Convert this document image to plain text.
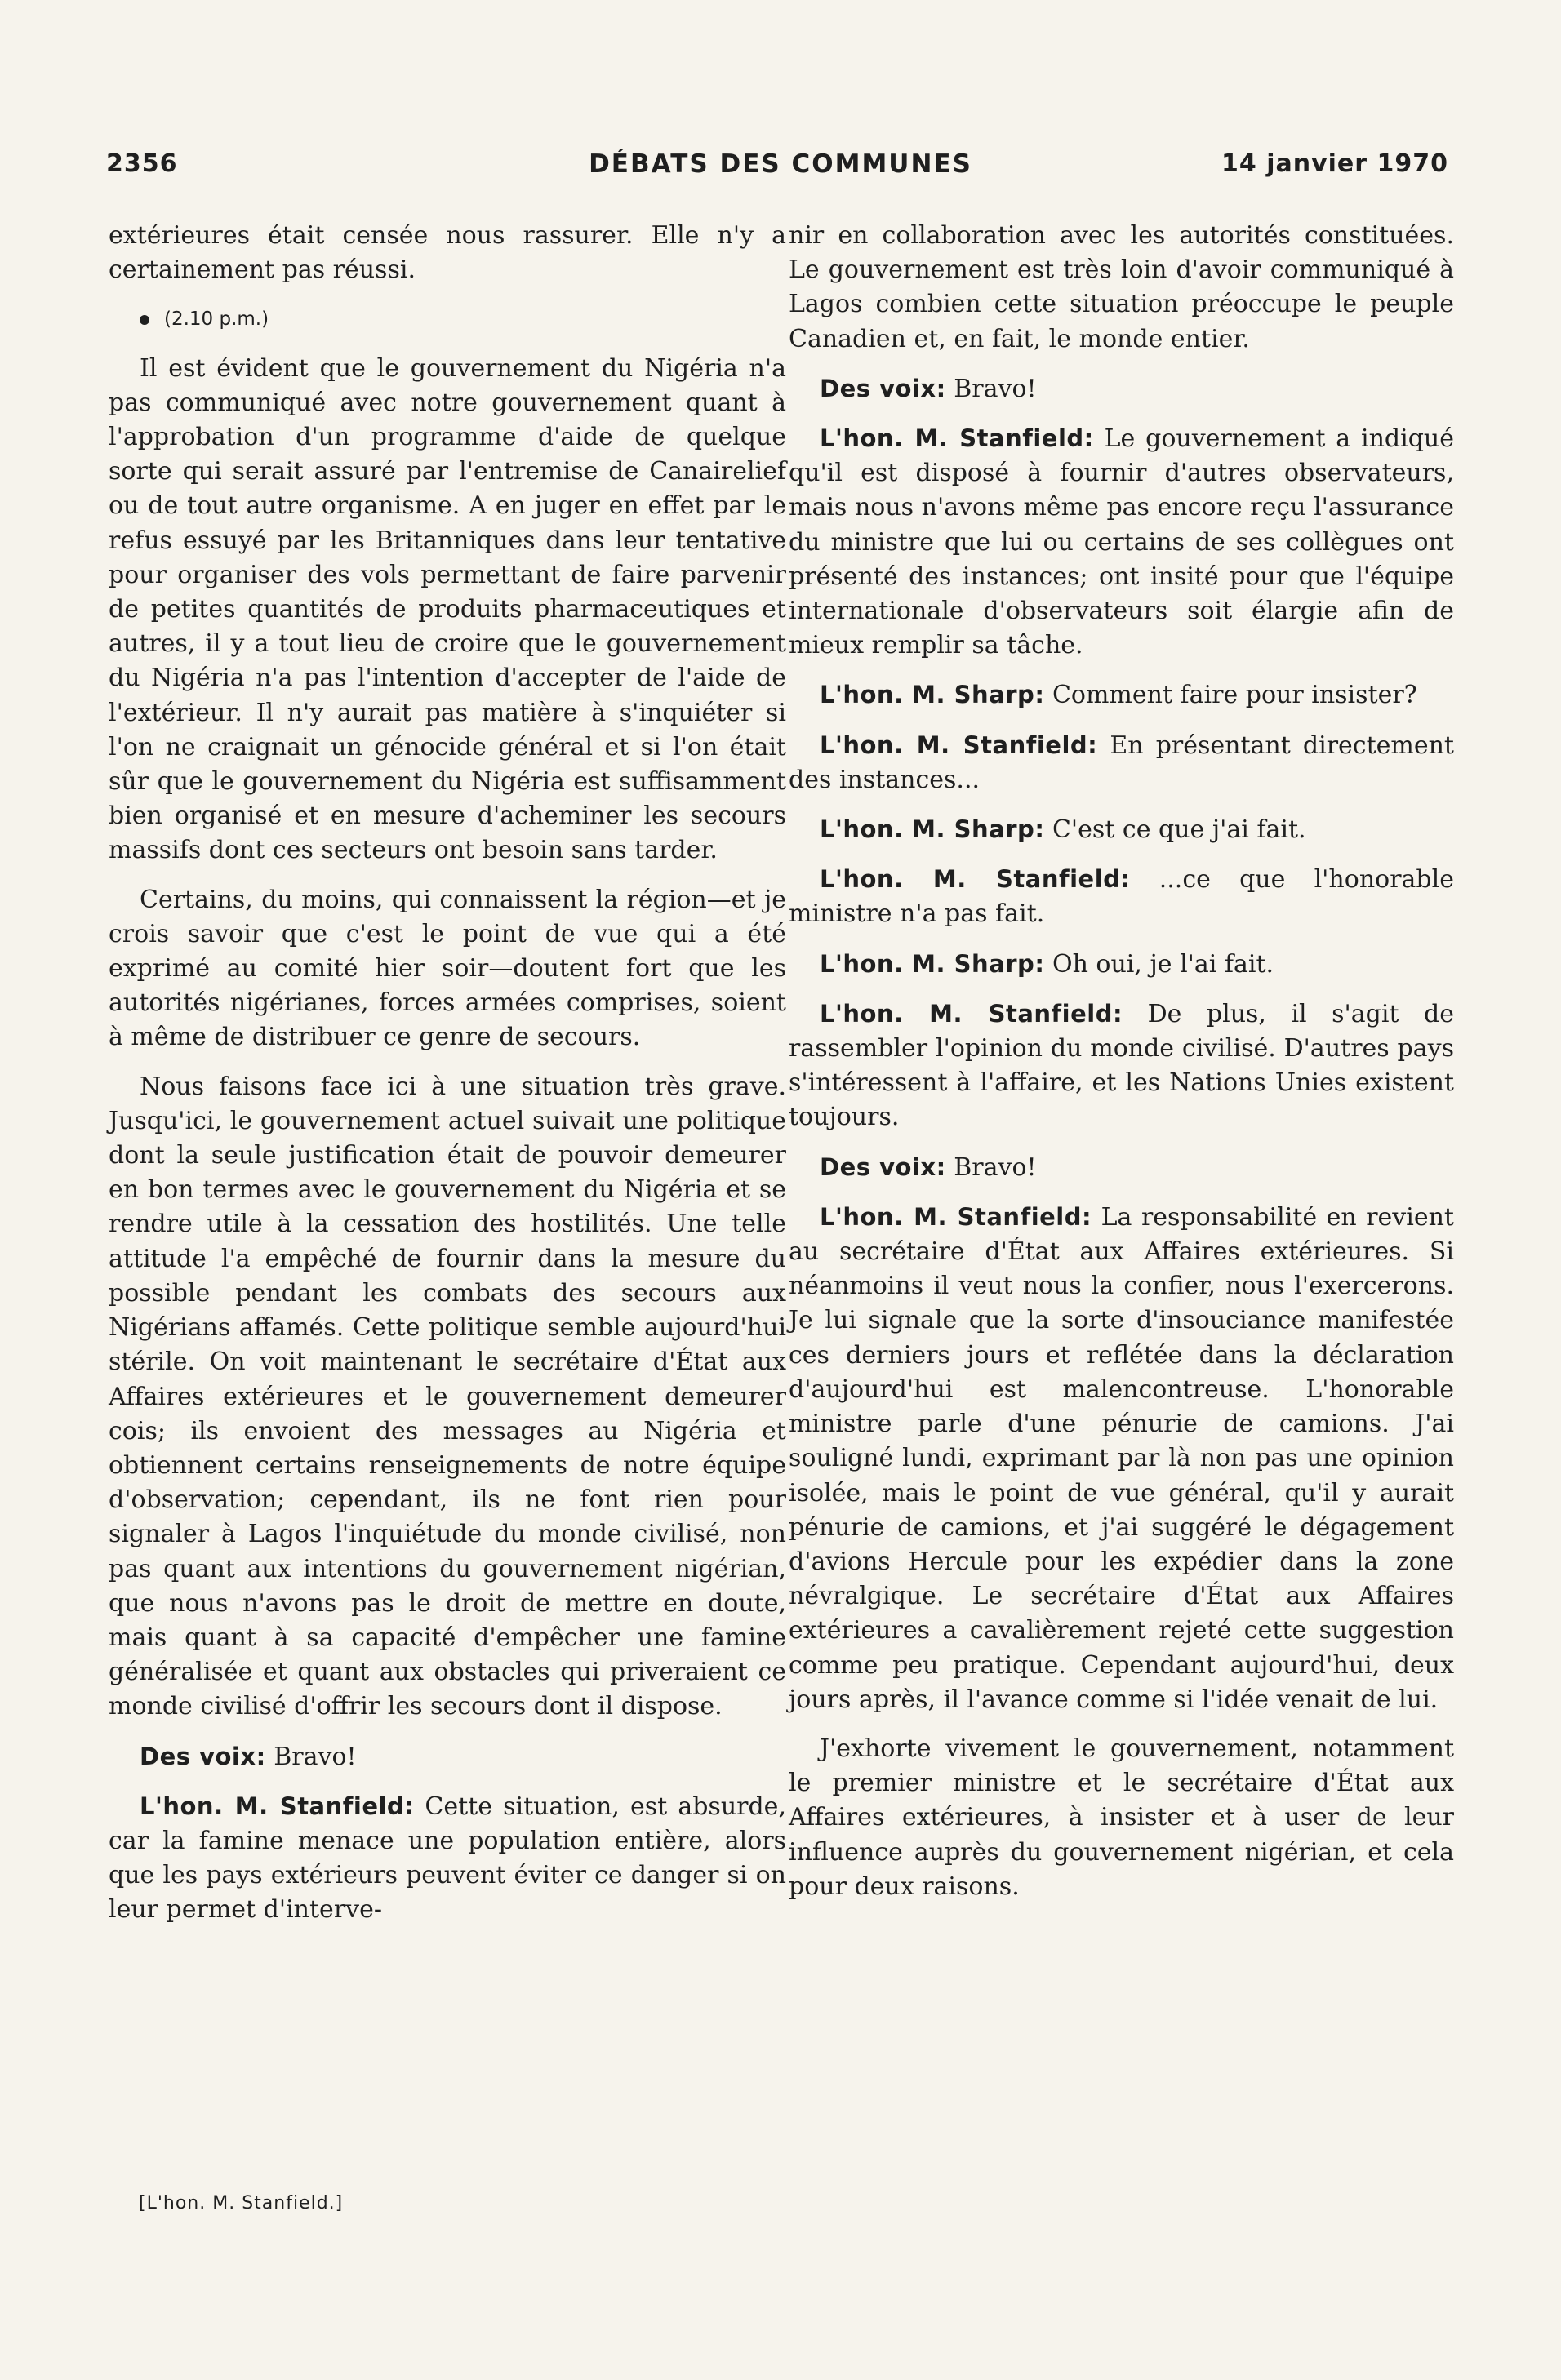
2356	DÉBATS DES COMMUNES	14 janvier 1970

extérieures était censée nous rassurer. Elle n'y a certainement pas réussi.

(2.10 p.m.)

Il est évident que le gouvernement du Nigéria n'a pas communiqué avec notre gouvernement quant à l'approbation d'un programme d'aide de quelque sorte qui serait assuré par l'entremise de Canairelief ou de tout autre organisme. A en juger en effet par le refus essuyé par les Britanniques dans leur tentative pour organiser des vols permettant de faire parvenir de petites quantités de produits pharmaceutiques et autres, il y a tout lieu de croire que le gouvernement du Nigéria n'a pas l'intention d'accepter de l'aide de l'extérieur. Il n'y aurait pas matière à s'inquiéter si l'on ne craignait un génocide général et si l'on était sûr que le gouvernement du Nigéria est suffisamment bien organisé et en mesure d'acheminer les secours massifs dont ces secteurs ont besoin sans tarder.

Certains, du moins, qui connaissent la région—et je crois savoir que c'est le point de vue qui a été exprimé au comité hier soir—doutent fort que les autorités nigérianes, forces armées comprises, soient à même de distribuer ce genre de secours.

Nous faisons face ici à une situation très grave. Jusqu'ici, le gouvernement actuel suivait une politique dont la seule justification était de pouvoir demeurer en bon termes avec le gouvernement du Nigéria et se rendre utile à la cessation des hostilités. Une telle attitude l'a empêché de fournir dans la mesure du possible pendant les combats des secours aux Nigérians affamés. Cette politique semble aujourd'hui stérile. On voit maintenant le secrétaire d'État aux Affaires extérieures et le gouvernement demeurer cois; ils envoient des messages au Nigéria et obtiennent certains renseignements de notre équipe d'observation; cependant, ils ne font rien pour signaler à Lagos l'inquiétude du monde civilisé, non pas quant aux intentions du gouvernement nigérian, que nous n'avons pas le droit de mettre en doute, mais quant à sa capacité d'empêcher une famine généralisée et quant aux obstacles qui priveraient ce monde civilisé d'offrir les secours dont il dispose.

Des voix: Bravo!

L'hon. M. Stanfield: Cette situation, est absurde, car la famine menace une population entière, alors que les pays extérieurs peuvent éviter ce danger si on leur permet d'interve-

[L'hon. M. Stanfield.]

nir en collaboration avec les autorités constituées. Le gouvernement est très loin d'avoir communiqué à Lagos combien cette situation préoccupe le peuple Canadien et, en fait, le monde entier.

Des voix: Bravo!

L'hon. M. Stanfield: Le gouvernement a indiqué qu'il est disposé à fournir d'autres observateurs, mais nous n'avons même pas encore reçu l'assurance du ministre que lui ou certains de ses collègues ont présenté des instances; ont insité pour que l'équipe internationale d'observateurs soit élargie afin de mieux remplir sa tâche.

L'hon. M. Sharp: Comment faire pour insister?

L'hon. M. Stanfield: En présentant directement des instances...

L'hon. M. Sharp: C'est ce que j'ai fait.

L'hon. M. Stanfield: ...ce que l'honorable ministre n'a pas fait.

L'hon. M. Sharp: Oh oui, je l'ai fait.

L'hon. M. Stanfield: De plus, il s'agit de rassembler l'opinion du monde civilisé. D'autres pays s'intéressent à l'affaire, et les Nations Unies existent toujours.

Des voix: Bravo!

L'hon. M. Stanfield: La responsabilité en revient au secrétaire d'État aux Affaires extérieures. Si néanmoins il veut nous la confier, nous l'exercerons. Je lui signale que la sorte d'insouciance manifestée ces derniers jours et reflétée dans la déclaration d'aujourd'hui est malencontreuse. L'honorable ministre parle d'une pénurie de camions. J'ai souligné lundi, exprimant par là non pas une opinion isolée, mais le point de vue général, qu'il y aurait pénurie de camions, et j'ai suggéré le dégagement d'avions Hercule pour les expédier dans la zone névralgique. Le secrétaire d'État aux Affaires extérieures a cavalièrement rejeté cette suggestion comme peu pratique. Cependant aujourd'hui, deux jours après, il l'avance comme si l'idée venait de lui.

J'exhorte vivement le gouvernement, notamment le premier ministre et le secrétaire d'État aux Affaires extérieures, à insister et à user de leur influence auprès du gouvernement nigérian, et cela pour deux raisons.
